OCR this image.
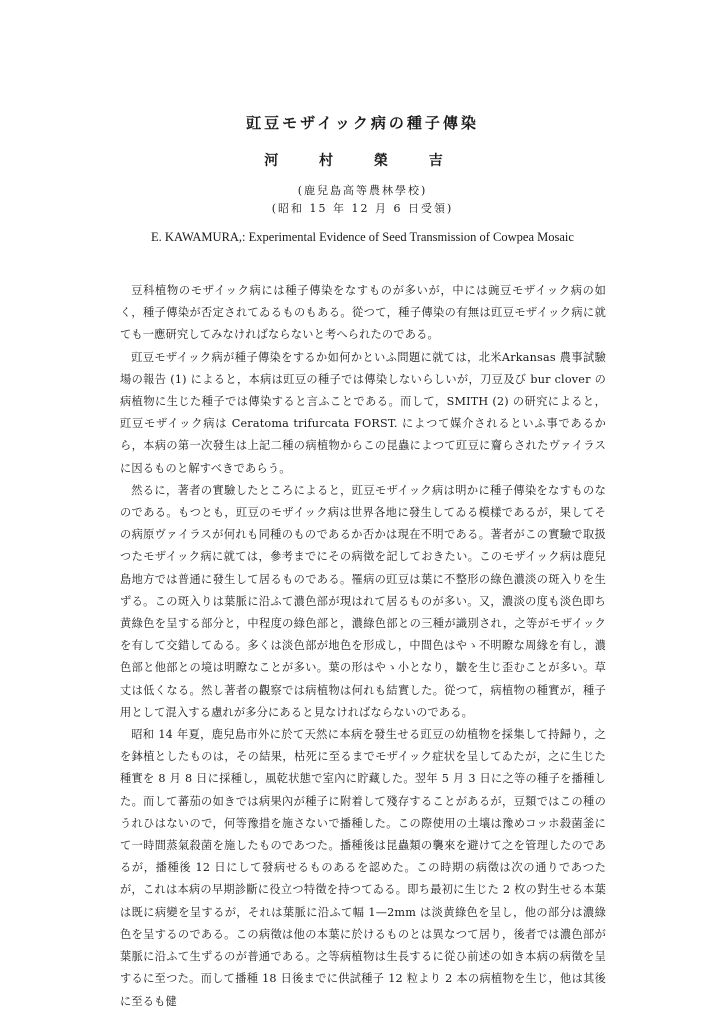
豇豆モザイック病の種子傳染
河 村 榮 吉
(鹿兒島高等農林學校)
(昭和 15 年 12 月 6 日受領)
E. KAWAMURA,: Experimental Evidence of Seed Transmission of Cowpea Mosaic

豆科植物のモザイック病には種子傳染をなすものが多いが，中には豌豆モザイック病の如く，種子傳染が否定されてゐるものもある。從つて，種子傳染の有無は豇豆モザイック病に就ても一應研究してみなければならないと考へられたのである。

豇豆モザイック病が種子傳染をするか如何かといふ問題に就ては，北米Arkansas 農事試驗場の報告 (1) によると，本病は豇豆の種子では傳染しないらしいが，刀豆及び bur clover の病植物に生じた種子では傳染すると言ふことである。而して，SMITH (2) の研究によると，豇豆モザイック病は Ceratoma trifurcata FORST. によつて媒介されるといふ事であるから，本病の第一次發生は上記二種の病植物からこの昆蟲によつて豇豆に齎らされたヴァイラスに因るものと解すべきであらう。

然るに，著者の實驗したところによると，豇豆モザイック病は明かに種子傳染をなすものなのである。もつとも，豇豆のモザイック病は世界各地に發生してゐる模樣であるが，果してその病原ヴァイラスが何れも同種のものであるか否かは現在不明である。著者がこの實驗で取扱つたモザイック病に就ては，參考までにその病徵を記しておきたい。このモザイック病は鹿兒島地方では普通に發生して居るものである。罹病の豇豆は葉に不整形の綠色濃淡の斑入りを生ずる。この斑入りは葉脈に沿ふて濃色部が現はれて居るものが多い。又，濃淡の度も淡色即ち黄綠色を呈する部分と，中程度の綠色部と，濃綠色部との三種が識別され，之等がモザイックを有して交錯してゐる。多くは淡色部が地色を形成し，中間色はやゝ不明瞭な周緣を有し，濃色部と他部との境は明瞭なことが多い。葉の形はやゝ小となり，皺を生じ歪むことが多い。草丈は低くなる。然し著者の觀察では病植物は何れも結實した。從つて，病植物の種實が，種子用として混入する慮れが多分にあると見なければならないのである。

昭和 14 年夏，鹿兒島市外に於て天然に本病を發生せる豇豆の幼植物を採集して持歸り，之を鉢植としたものは，その結果，枯死に至るまでモザイック症状を呈してゐたが，之に生じた種實を 8 月 8 日に採種し，風乾状態で室內に貯藏した。翌年 5 月 3 日に之等の種子を播種した。而して蕃茄の如きでは病果內が種子に附着して殘存することがあるが，豆類ではこの種のうれひはないので，何等豫措を施さないで播種した。この際使用の土壤は豫めコッホ殺菌釜にて一時間蒸氣殺菌を施したものであつた。播種後は昆蟲類の襲來を避けて之を管理したのであるが，播種後 12 日にして發病せるものあるを認めた。この時期の病徵は次の通りであつたが，これは本病の早期診斷に役立つ特徵を持つてゐる。即ち最初に生じた 2 枚の對生せる本葉は既に病變を呈するが，それは葉脈に沿ふて幅 1—2mm は淡黄綠色を呈し，他の部分は濃綠色を呈するのである。この病徵は他の本葉に於けるものとは異なつて居り，後者では濃色部が葉脈に沿ふて生ずるのが普通である。之等病植物は生長するに從ひ前述の如き本病の病徵を呈するに至つた。而して播種 18 日後までに供試種子 12 粒より 2 本の病植物を生じ，他は其後に至るも健
